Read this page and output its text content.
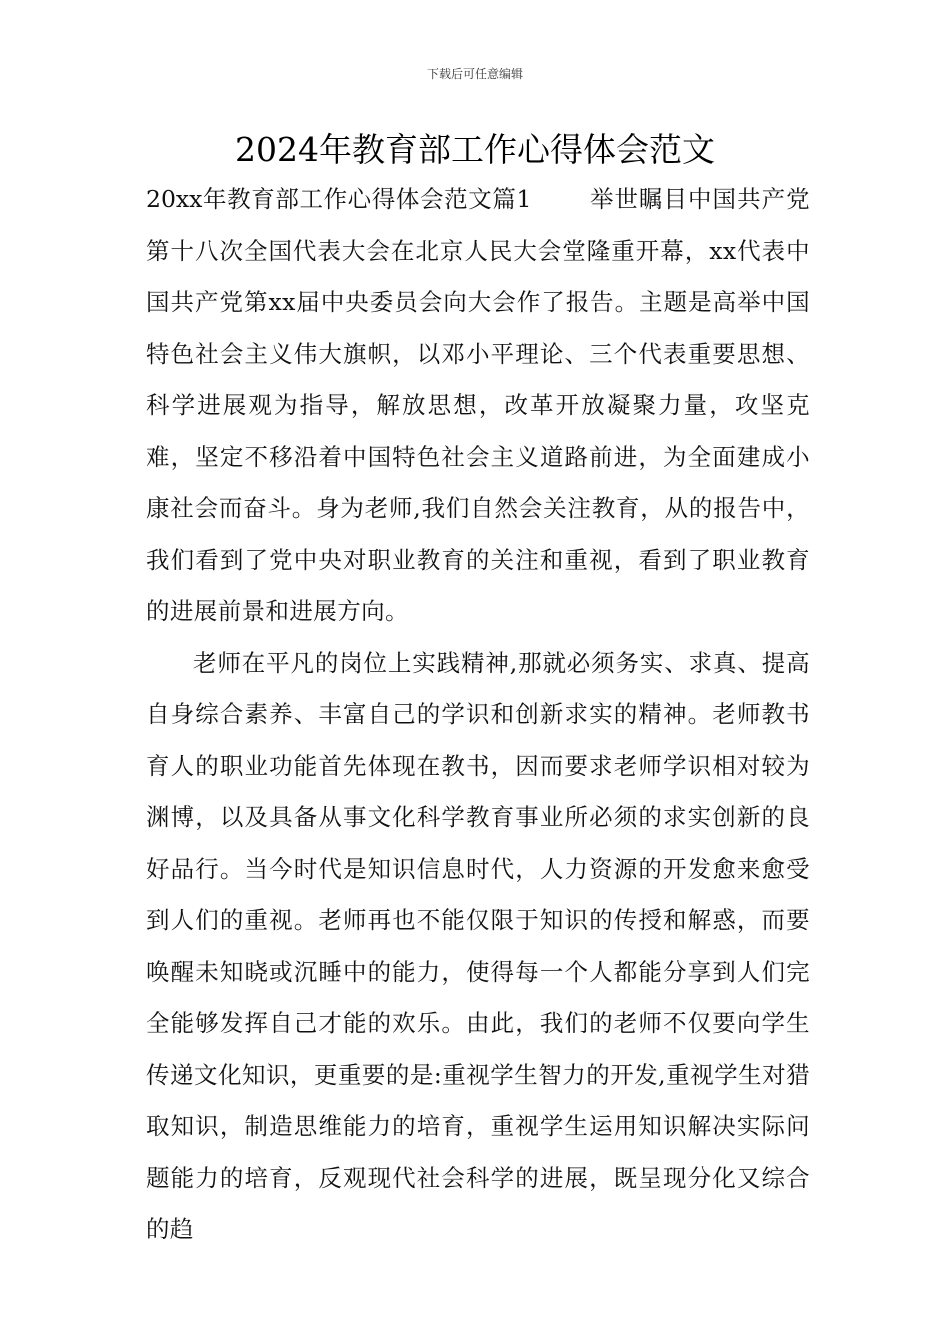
下载后可任意编辑
2024年教育部工作心得体会范文

20xx年教育部工作心得体会范文篇1 举世瞩目中国共产党第十八次全国代表大会在北京人民大会堂隆重开幕，xx代表中国共产党第xx届中央委员会向大会作了报告。主题是高举中国特色社会主义伟大旗帜，以邓小平理论、三个代表重要思想、科学进展观为指导，解放思想，改革开放凝聚力量，攻坚克难，坚定不移沿着中国特色社会主义道路前进，为全面建成小康社会而奋斗。身为老师,我们自然会关注教育，从的报告中，我们看到了党中央对职业教育的关注和重视，看到了职业教育的进展前景和进展方向。

老师在平凡的岗位上实践精神,那就必须务实、求真、提高自身综合素养、丰富自己的学识和创新求实的精神。老师教书育人的职业功能首先体现在教书，因而要求老师学识相对较为渊博，以及具备从事文化科学教育事业所必须的求实创新的良好品行。当今时代是知识信息时代，人力资源的开发愈来愈受到人们的重视。老师再也不能仅限于知识的传授和解惑，而要唤醒未知晓或沉睡中的能力，使得每一个人都能分享到人们完全能够发挥自己才能的欢乐。由此，我们的老师不仅要向学生传递文化知识，更重要的是:重视学生智力的开发,重视学生对猎取知识，制造思维能力的培育，重视学生运用知识解决实际问题能力的培育，反观现代社会科学的进展，既呈现分化又综合的趋
